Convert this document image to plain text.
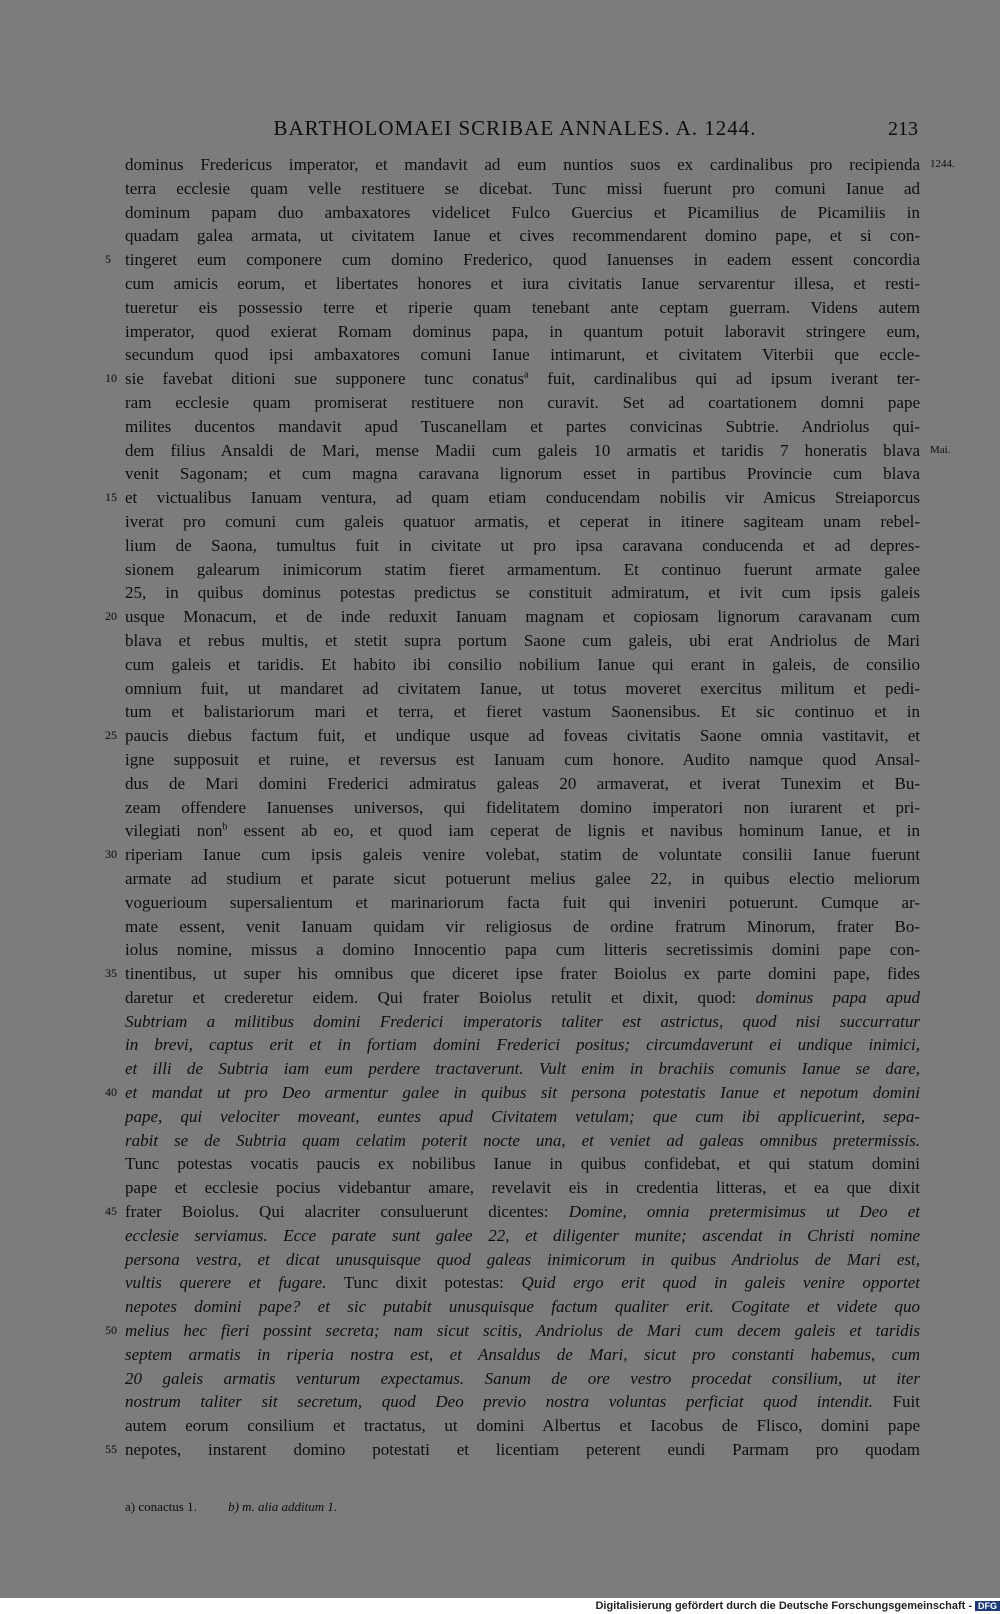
BARTHOLOMAEI SCRIBAE ANNALES. A. 1244.	213
dominus Fredericus imperator, et mandavit ad eum nuntios suos ex cardinalibus pro recipienda 1244.
terra ecclesie quam velle restituere se dicebat. Tunc missi fuerunt pro comuni Ianue ad
dominum papam duo ambaxatores videlicet Fulco Guercius et Picamilius de Picamiliis in
quadam galea armata, ut civitatem Ianue et cives recommendarent domino pape, et si con-
5 tingeret eum componere cum domino Frederico, quod Ianuenses in eadem essent concordia
cum amicis eorum, et libertates honores et iura civitatis Ianue servarentur illesa, et resti-
tueretur eis possessio terre et riperie quam tenebant ante ceptam guerram. Videns autem
imperator, quod exierat Romam dominus papa, in quantum potuit laboravit stringere eum,
secundum quod ipsi ambaxatores comuni Ianue intimarunt, et civitatem Viterbii que eccle-
10 sie favebat ditioni sue supponere tunc conatus$^a$ fuit, cardinalibus qui ad ipsum iverant ter-
ram ecclesie quam promiserat restituere non curavit. Set ad coartationem domni pape
milites ducentos mandavit apud Tuscanellam et partes convicinas Subtrie. Andriolus qui-
dem filius Ansaldi de Mari, mense Madii cum galeis 10 armatis et taridis 7 honeratis blava Mai.
venit Sagonam; et cum magna caravana lignorum esset in partibus Provincie cum blava
15 et victualibus Ianuam ventura, ad quam etiam conducendam nobilis vir Amicus Streiaporcus
iverat pro comuni cum galeis quatuor armatis, et ceperat in itinere sagiteam unam rebel-
lium de Saona, tumultus fuit in civitate ut pro ipsa caravana conducenda et ad depres-
sionem galearum inimicorum statim fieret armamentum. Et continuo fuerunt armate galee
25, in quibus dominus potestas predictus se constituit admiratum, et ivit cum ipsis galeis
20 usque Monacum, et de inde reduxit Ianuam magnam et copiosam lignorum caravanam cum
blava et rebus multis, et stetit supra portum Saone cum galeis, ubi erat Andriolus de Mari
cum galeis et taridis. Et habito ibi consilio nobilium Ianue qui erant in galeis, de consilio
omnium fuit, ut mandaret ad civitatem Ianue, ut totus moveret exercitus militum et pedi-
tum et balistariorum mari et terra, et fieret vastum Saonensibus. Et sic continuo et in
25 paucis diebus factum fuit, et undique usque ad foveas civitatis Saone omnia vastitavit, et
igne supposuit et ruine, et reversus est Ianuam cum honore. Audito namque quod Ansal-
dus de Mari domini Frederici admiratus galeas 20 armaverat, et iverat Tunexim et Bu-
zeam offendere Ianuenses universos, qui fidelitatem domino imperatori non iurarent et pri-
vilegiati non$^b$ essent ab eo, et quod iam ceperat de lignis et navibus hominum Ianue, et in
30 riperiam Ianue cum ipsis galeis venire volebat, statim de voluntate consilii Ianue fuerunt
armate ad studium et parate sicut potuerunt melius galee 22, in quibus electio meliorum
voguerioum supersalientum et marinariorum facta fuit qui inveniri potuerunt. Cumque ar-
mate essent, venit Ianuam quidam vir religiosus de ordine fratrum Minorum, frater Bo-
iolus nomine, missus a domino Innocentio papa cum litteris secretissimis domini pape con-
35 tinentibus, ut super his omnibus que diceret ipse frater Boiolus ex parte domini pape, fides
daretur et crederetur eidem. Qui frater Boiolus retulit et dixit, quod: dominus papa apud
Subtriam a militibus domini Frederici imperatoris taliter est astrictus, quod nisi succurratur
in brevi, captus erit et in fortiam domini Frederici positus; circumdaverunt ei undique inimici,
et illi de Subtria iam eum perdere tractaverunt. Vult enim in brachiis comunis Ianue se dare,
40 et mandat ut pro Deo armentur galee in quibus sit persona potestatis Ianue et nepotum domini
pape, qui velociter moveant, euntes apud Civitatem vetulam; que cum ibi applicuerint, sepa-
rabit se de Subtria quam celatim poterit nocte una, et veniet ad galeas omnibus pretermissis.
Tunc potestas vocatis paucis ex nobilibus Ianue in quibus confidebat, et qui statum domini
pape et ecclesie pocius videbantur amare, revelavit eis in credentia litteras, et ea que dixit
45 frater Boiolus. Qui alacriter consuluerunt dicentes: Domine, omnia pretermisimus ut Deo et
ecclesie serviamus. Ecce parate sunt galee 22, et diligenter munite; ascendat in Christi nomine
persona vestra, et dicat unusquisque quod galeas inimicorum in quibus Andriolus de Mari est,
vultis querere et fugare. Tunc dixit potestas: Quid ergo erit quod in galeis venire opportet
nepotes domini pape? et sic putabit unusquisque factum qualiter erit. Cogitate et videte quo
50 melius hec fieri possint secreta; nam sicut scitis, Andriolus de Mari cum decem galeis et taridis
septem armatis in riperia nostra est, et Ansaldus de Mari, sicut pro constanti habemus, cum
20 galeis armatis venturum expectamus. Sanum de ore vestro procedat consilium, ut iter
nostrum taliter sit secretum, quod Deo previo nostra voluntas perficiat quod intendit. Fuit
autem eorum consilium et tractatus, ut domini Albertus et Iacobus de Flisco, domini pape
55 nepotes, instarent domino potestati et licentiam peterent eundi Parmam pro quodam
a) conactus 1. b) m. alia additum 1.
Digitalisierung gefördert durch die Deutsche Forschungsgemeinschaft - DFG
